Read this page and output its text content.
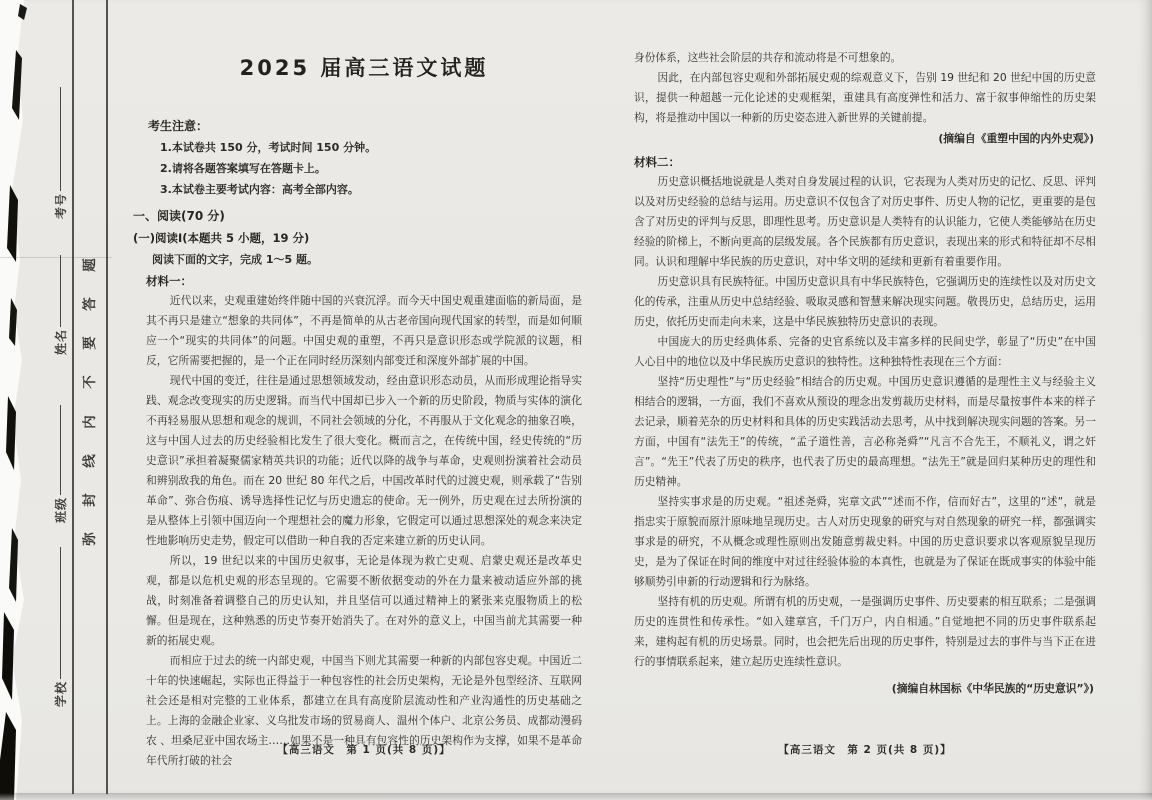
考号
姓名
班级
学校
题
答
要
不
内
线
封
弥
2025 届高三语文试题
考生注意：
1.本试卷共 150 分，考试时间 150 分钟。
2.请将各题答案填写在答题卡上。
3.本试卷主要考试内容：高考全部内容。
一、阅读(70 分)
(一)阅读Ⅰ(本题共 5 小题，19 分)
阅读下面的文字，完成 1～5 题。
材料一：

近代以来，史观重建始终伴随中国的兴衰沉浮。而今天中国史观重建面临的新局面，是其不再只是建立“想象的共同体”，不再是简单的从古老帝国向现代国家的转型，而是如何顺应一个“现实的共同体”的问题。中国史观的重塑，不再只是意识形态或学院派的议题，相反，它所需要把握的，是一个正在同时经历深刻内部变迁和深度外部扩展的中国。

现代中国的变迁，往往是通过思想领域发动，经由意识形态动员，从而形成理论指导实践、观念改变现实的历史逻辑。而当代中国却已步入一个新的历史阶段，物质与实体的演化不再轻易服从思想和观念的规训，不同社会领域的分化，不再服从于文化观念的抽象召唤，这与中国人过去的历史经验相比发生了很大变化。概而言之，在传统中国，经史传统的“历史意识”承担着凝聚儒家精英共识的功能；近代以降的战争与革命，史观则扮演着社会动员和辨别敌我的角色。而在 20 世纪 80 年代之后，中国改革时代的过渡史观，则承载了“告别革命”、弥合伤痕、诱导选择性记忆与历史遗忘的使命。无一例外，历史观在过去所扮演的是从整体上引领中国迈向一个理想社会的魔力形象，它假定可以通过思想深处的观念来决定性地影响历史走势，假定可以借助一种自我的否定来建立新的历史认同。

所以，19 世纪以来的中国历史叙事，无论是体现为救亡史观、启蒙史观还是改革史观，都是以危机史观的形态呈现的。它需要不断依据变动的外在力量来被动适应外部的挑战，时刻准备着调整自己的历史认知，并且坚信可以通过精神上的紧张来克服物质上的松懈。但是现在，这种熟悉的历史节奏开始消失了。在对外的意义上，中国当前尤其需要一种新的拓展史观。

而相应于过去的统一内部史观，中国当下则尤其需要一种新的内部包容史观。中国近二十年的快速崛起，实际也正得益于一种包容性的社会历史架构，无论是外包型经济、互联网社会还是相对完整的工业体系，都建立在具有高度阶层流动性和产业沟通性的历史基础之上。上海的金融企业家、义乌批发市场的贸易商人、温州个体户、北京公务员、成都动漫码农 、坦桑尼亚中国农场主……如果不是一种具有包容性的历史架构作为支撑，如果不是革命年代所打破的社会

身份体系，这些社会阶层的共存和流动将是不可想象的。

因此，在内部包容史观和外部拓展史观的综观意义下，告别 19 世纪和 20 世纪中国的历史意识，提供一种超越一元化论述的史观框架，重建具有高度弹性和活力、富于叙事伸缩性的历史架构，将是推动中国以一种新的历史姿态进入新世界的关键前提。

(摘编自《重塑中国的内外史观》)

材料二：

历史意识概括地说就是人类对自身发展过程的认识，它表现为人类对历史的记忆、反思、评判以及对历史经验的总结与运用。历史意识不仅包含了对历史事件、历史人物的记忆，更重要的是包含了对历史的评判与反思，即理性思考。历史意识是人类特有的认识能力，它使人类能够站在历史经验的阶梯上，不断向更高的层级发展。各个民族都有历史意识，表现出来的形式和特征却不尽相同。认识和理解中华民族的历史意识，对中华文明的延续和更新有着重要作用。

历史意识具有民族特征。中国历史意识具有中华民族特色，它强调历史的连续性以及对历史文化的传承，注重从历史中总结经验、吸取灵感和智慧来解决现实问题。敬畏历史，总结历史，运用历史，依托历史而走向未来，这是中华民族独特历史意识的表现。

中国庞大的历史经典体系、完备的史官系统以及丰富多样的民间史学，彰显了“历史”在中国人心目中的地位以及中华民族历史意识的独特性。这种独特性表现在三个方面：

坚持“历史理性”与“历史经验”相结合的历史观。中国历史意识遵循的是理性主义与经验主义相结合的逻辑，一方面，我们不喜欢从预设的理念出发剪裁历史材料，而是尽量按事件本来的样子去记录，顺着芜杂的历史材料和具体的历史实践活动去思考，从中找到解决现实问题的答案。另一方面，中国有“法先王”的传统，“孟子道性善，言必称尧舜”“凡言不合先王，不顺礼义，谓之奸言”。“先王”代表了历史的秩序，也代表了历史的最高理想。“法先王”就是回归某种历史的理性和历史精神。

坚持实事求是的历史观。“祖述尧舜，宪章文武”“述而不作，信而好古”，这里的“述”，就是指忠实于原貌而原汁原味地呈现历史。古人对历史现象的研究与对自然现象的研究一样，都强调实事求是的研究，不从概念或理性原则出发随意剪裁史料。中国的历史意识要求以客观原貌呈现历史，是为了保证在时间的维度中对过往经验体验的本真性，也就是为了保证在既成事实的体验中能够顺势引申新的行动逻辑和行为脉络。

坚持有机的历史观。所谓有机的历史观，一是强调历史事件、历史要素的相互联系；二是强调历史的连贯性和传承性。“如入建章宫，千门万户，内自相通。”自觉地把不同的历史事件联系起来，建构起有机的历史场景。同时，也会把先后出现的历史事件，特别是过去的事件与当下正在进行的事情联系起来，建立起历史连续性意识。

(摘编自林国标《中华民族的“历史意识”》)

【高三语文　第 1 页(共 8 页)】	【高三语文　第 2 页(共 8 页)】
